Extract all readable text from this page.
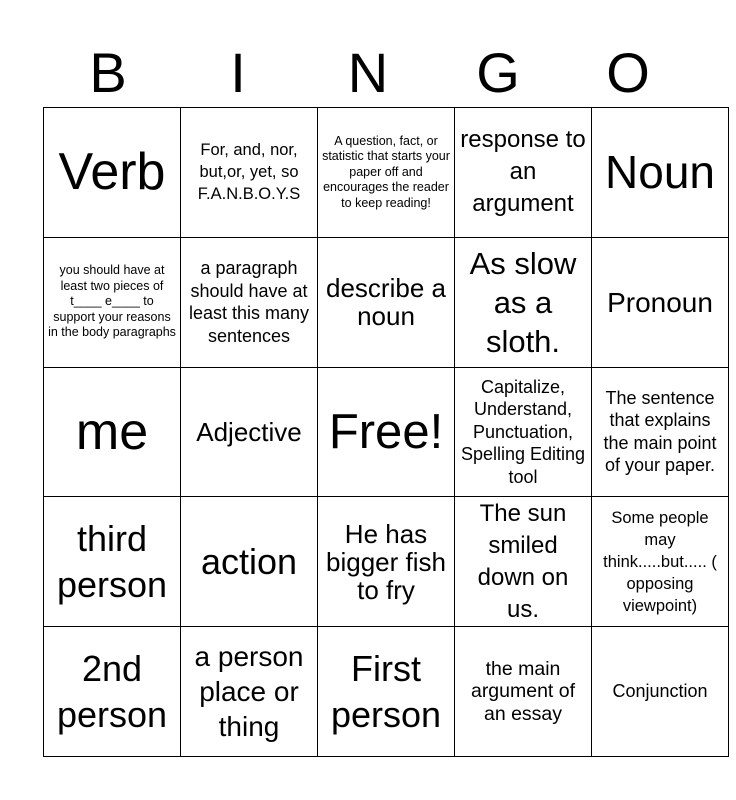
B	I	N	G	O
Verb	For, and, nor, but,or, yet, so F.A.N.B.O.Y.S	A question, fact, or statistic that starts your paper off and encourages the reader to keep reading!	response to an argument	Noun
you should have at least two pieces of t____ e____ to support your reasons in the body paragraphs	a paragraph should have at least this many sentences	describe a noun	As slow as a sloth.	Pronoun
me	Adjective	Free!	Capitalize, Understand, Punctuation, Spelling Editing tool	The sentence that explains the main point of your paper.
third person	action	He has bigger fish to fry	The sun smiled down on us.	Some people may think.....but..... ( opposing viewpoint)
2nd person	a person place or thing	First person	the main argument of an essay	Conjunction
